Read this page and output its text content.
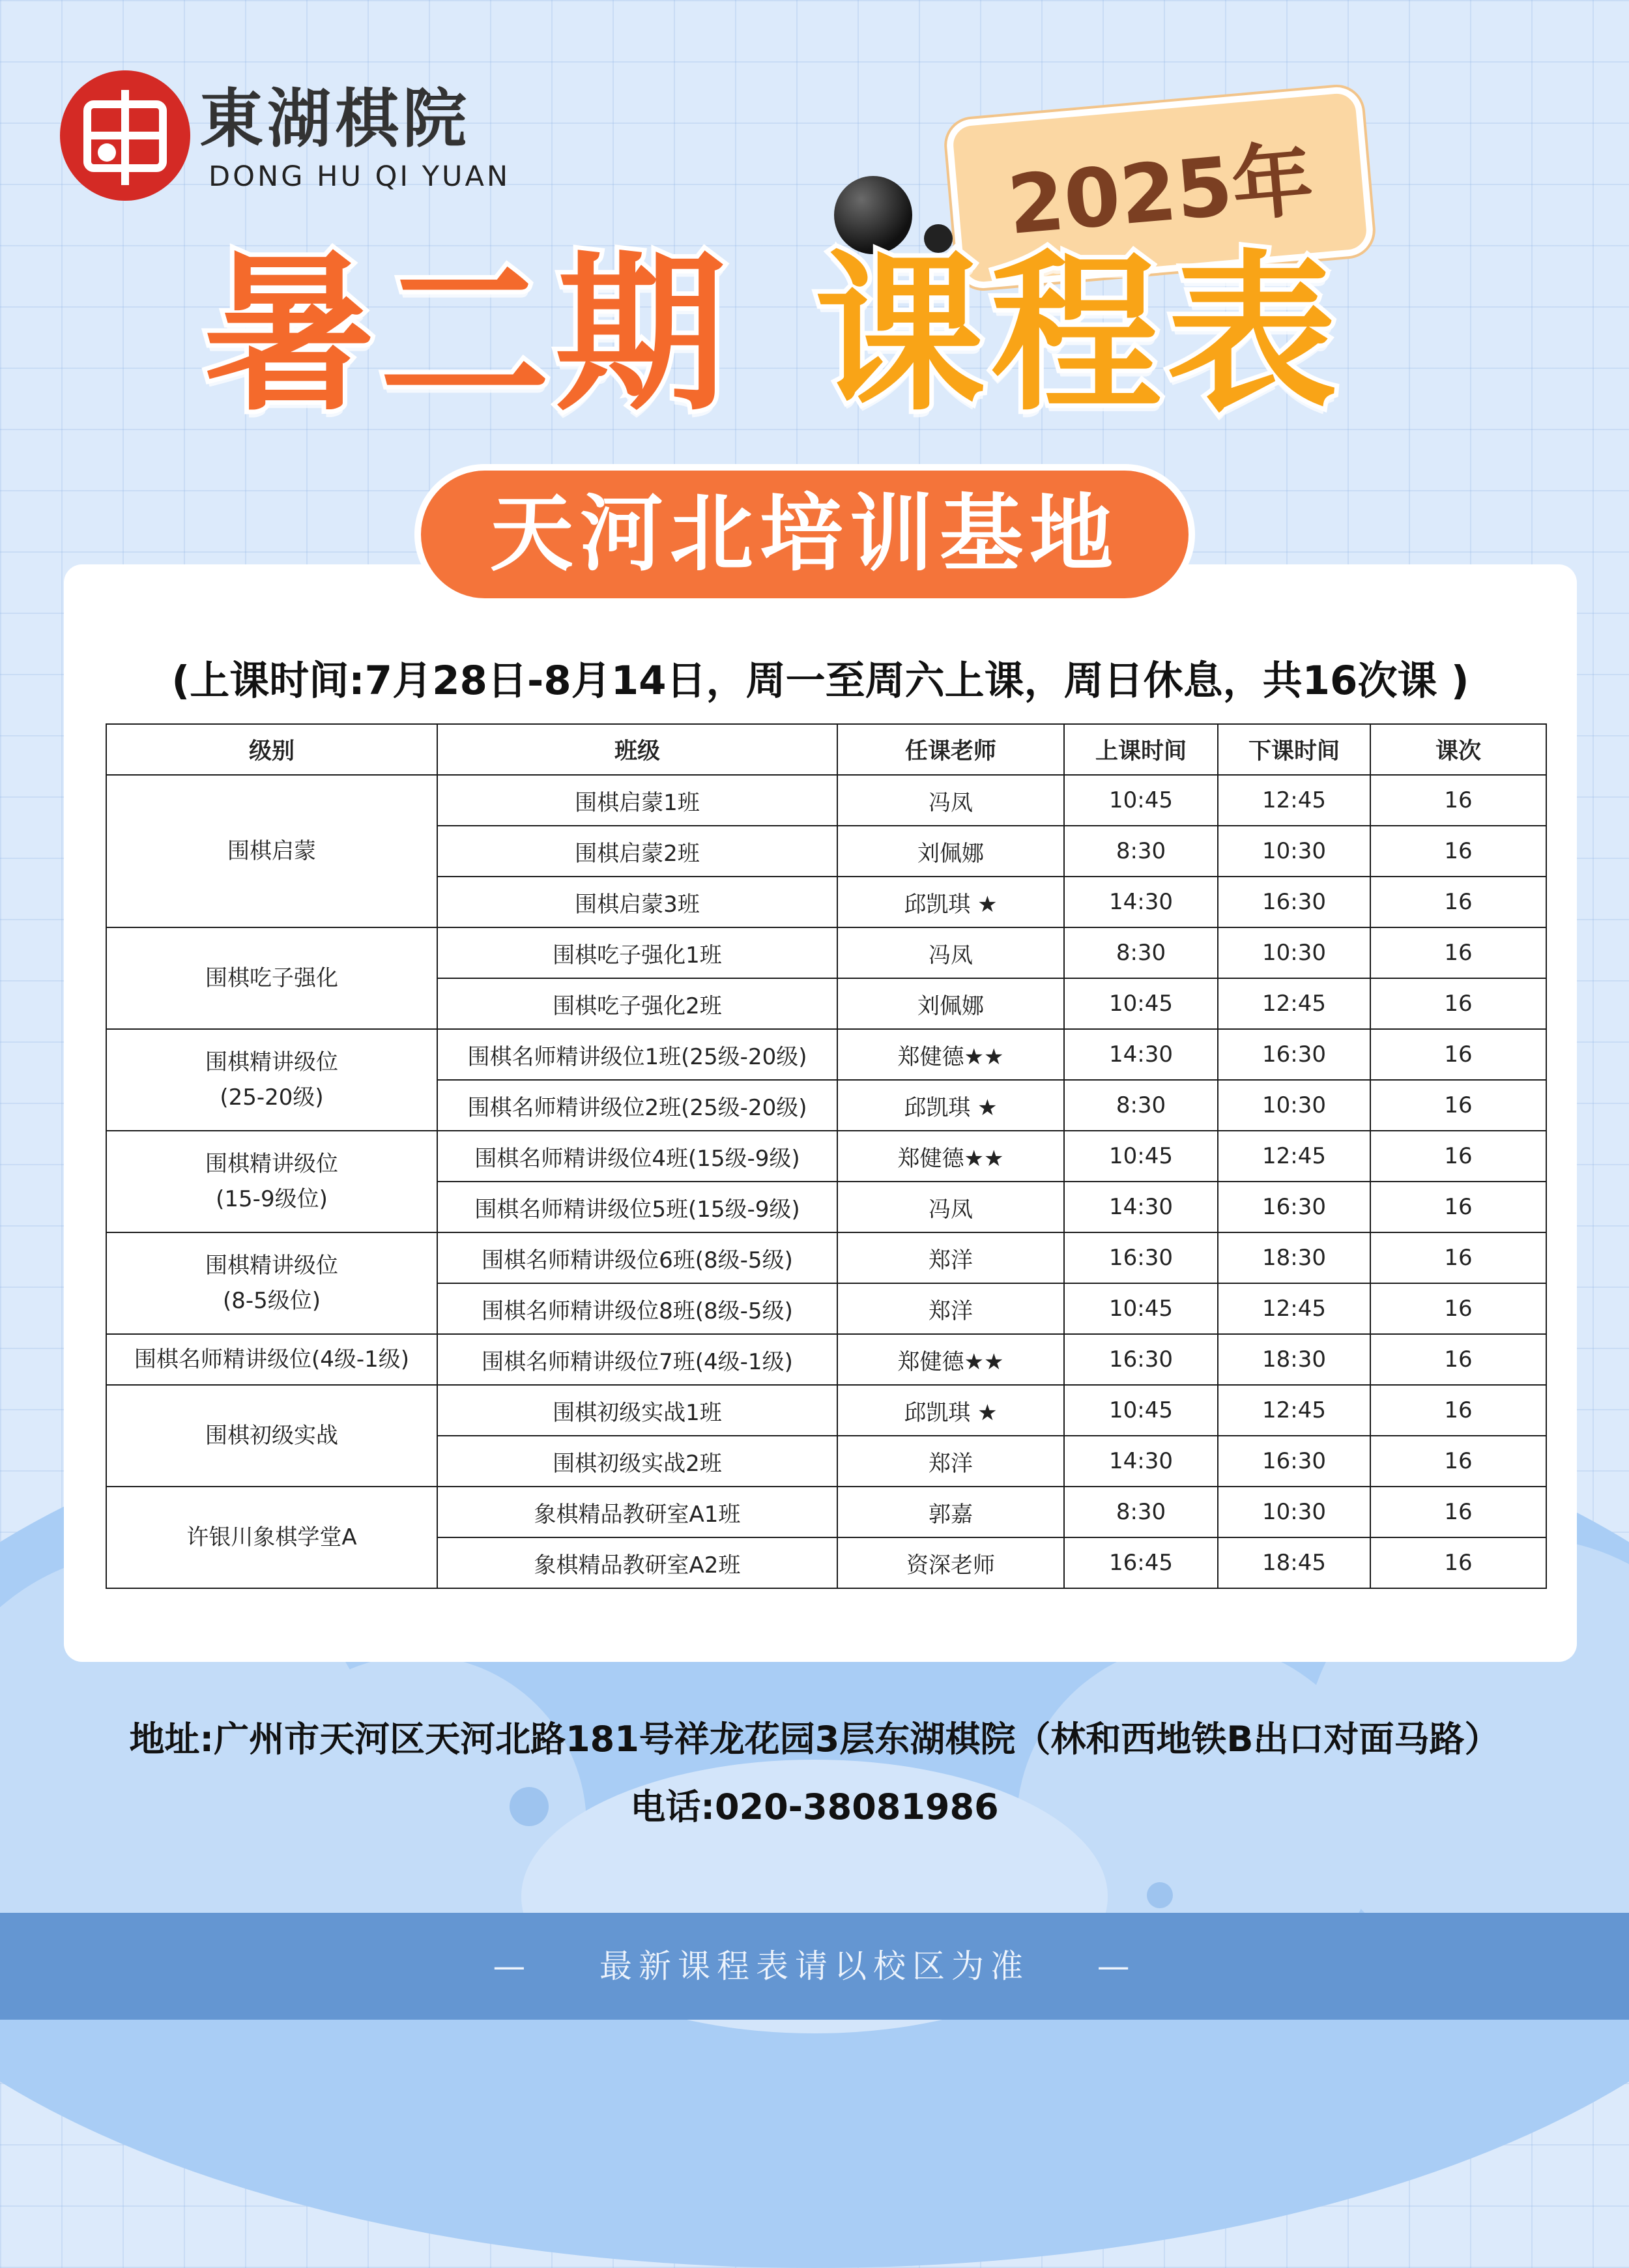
東湖棋院
DONG HU QI YUAN	2025年
暑二期 课程表
天河北培训基地
(上课时间:7月28日-8月14日，周一至周六上课，周日休息，共16次课 )
级别	班级	任课老师	上课时间	下课时间	课次
围棋启蒙	围棋启蒙1班	冯凤	10:45	12:45	16
	围棋启蒙2班	刘佩娜	8:30	10:30	16
	围棋启蒙3班	邱凯琪 ★	14:30	16:30	16
围棋吃子强化	围棋吃子强化1班	冯凤	8:30	10:30	16
	围棋吃子强化2班	刘佩娜	10:45	12:45	16
围棋精讲级位
(25-20级)	围棋名师精讲级位1班(25级-20级)	郑健德★★	14:30	16:30	16
	围棋名师精讲级位2班(25级-20级)	邱凯琪 ★	8:30	10:30	16
围棋精讲级位
(15-9级位)	围棋名师精讲级位4班(15级-9级)	郑健德★★	10:45	12:45	16
	围棋名师精讲级位5班(15级-9级)	冯凤	14:30	16:30	16
围棋精讲级位
(8-5级位)	围棋名师精讲级位6班(8级-5级)	郑洋	16:30	18:30	16
	围棋名师精讲级位8班(8级-5级)	郑洋	10:45	12:45	16
围棋名师精讲级位(4级-1级)	围棋名师精讲级位7班(4级-1级)	郑健德★★	16:30	18:30	16
围棋初级实战	围棋初级实战1班	邱凯琪 ★	10:45	12:45	16
	围棋初级实战2班	郑洋	14:30	16:30	16
许银川象棋学堂A	象棋精品教研室A1班	郭嘉	8:30	10:30	16
	象棋精品教研室A2班	资深老师	16:45	18:45	16
地址:广州市天河区天河北路181号祥龙花园3层东湖棋院（林和西地铁B出口对面马路）
电话:020-38081986
—    最新课程表请以校区为准    —
